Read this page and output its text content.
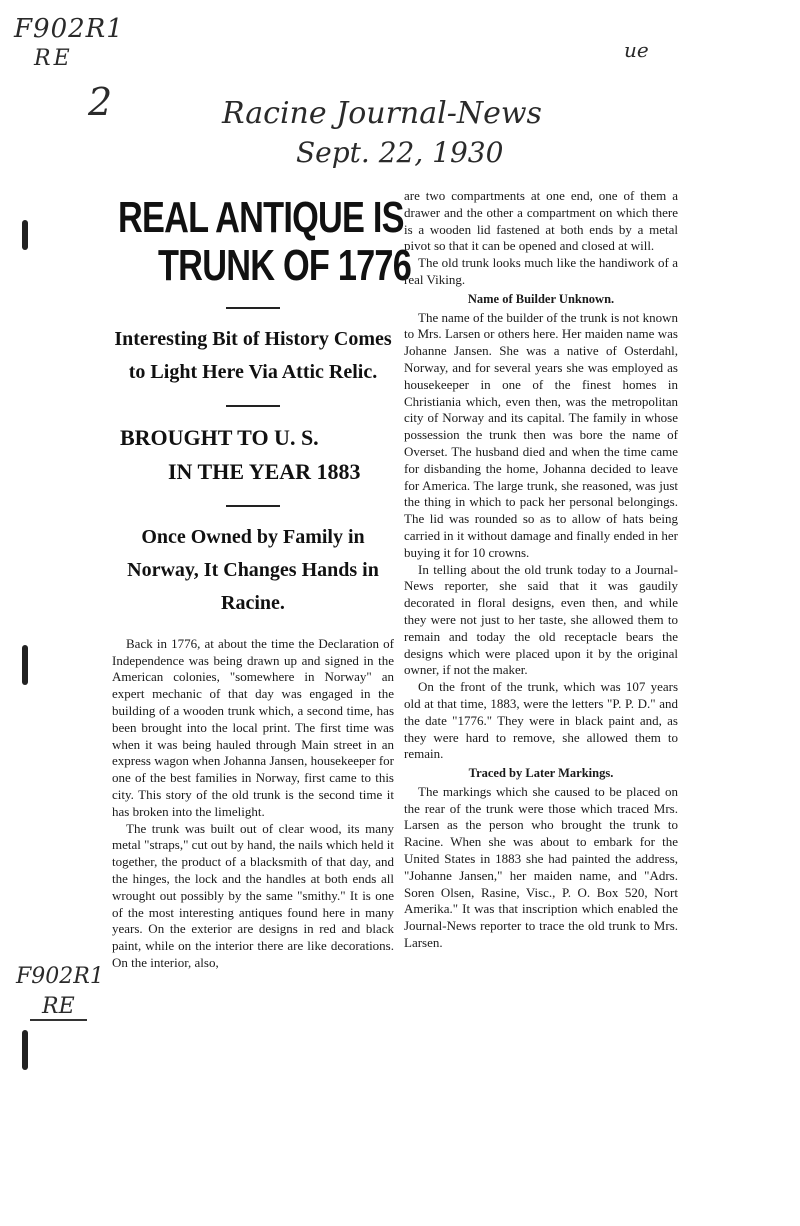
F902R1
RE
2	Racine Journal-News
Sept. 22, 1930
ue
F902R1
RE
REAL ANTIQUE IS
TRUNK OF 1776
Interesting Bit of History Comes to Light Here Via Attic Relic.
BROUGHT TO U. S.
IN THE YEAR 1883
Once Owned by Family in Norway, It Changes Hands in Racine.

Back in 1776, at about the time the Declaration of Independence was being drawn up and signed in the American colonies, "somewhere in Norway" an expert mechanic of that day was engaged in the building of a wooden trunk which, a second time, has been brought into the local print. The first time was when it was being hauled through Main street in an express wagon when Johanna Jansen, housekeeper for one of the best families in Norway, first came to this city. This story of the old trunk is the second time it has broken into the limelight.

The trunk was built out of clear wood, its many metal "straps," cut out by hand, the nails which held it together, the product of a blacksmith of that day, and the hinges, the lock and the handles at both ends all wrought out possibly by the same "smithy." It is one of the most interesting antiques found here in many years. On the exterior are designs in red and black paint, while on the interior there are like decorations. On the interior, also,

are two compartments at one end, one of them a drawer and the other a compartment on which there is a wooden lid fastened at both ends by a metal pivot so that it can be opened and closed at will.

The old trunk looks much like the handiwork of a real Viking.

Name of Builder Unknown.

The name of the builder of the trunk is not known to Mrs. Larsen or others here. Her maiden name was Johanne Jansen. She was a native of Osterdahl, Norway, and for several years she was employed as housekeeper in one of the finest homes in Christiania which, even then, was the metropolitan city of Norway and its capital. The family in whose possession the trunk then was bore the name of Overset. The husband died and when the time came for disbanding the home, Johanna decided to leave for America. The large trunk, she reasoned, was just the thing in which to pack her personal belongings. The lid was rounded so as to allow of hats being carried in it without damage and finally ended in her buying it for 10 crowns.

In telling about the old trunk today to a Journal-News reporter, she said that it was gaudily decorated in floral designs, even then, and while they were not just to her taste, she allowed them to remain and today the old receptacle bears the designs which were placed upon it by the original owner, if not the maker.

On the front of the trunk, which was 107 years old at that time, 1883, were the letters "P. P. D." and the date "1776." They were in black paint and, as they were hard to remove, she allowed them to remain.

Traced by Later Markings.

The markings which she caused to be placed on the rear of the trunk were those which traced Mrs. Larsen as the person who brought the trunk to Racine. When she was about to embark for the United States in 1883 she had painted the address, "Johanne Jansen," her maiden name, and "Adrs. Soren Olsen, Rasine, Visc., P. O. Box 520, Nort Amerika." It was that inscription which enabled the Journal-News reporter to trace the old trunk to Mrs. Larsen.
